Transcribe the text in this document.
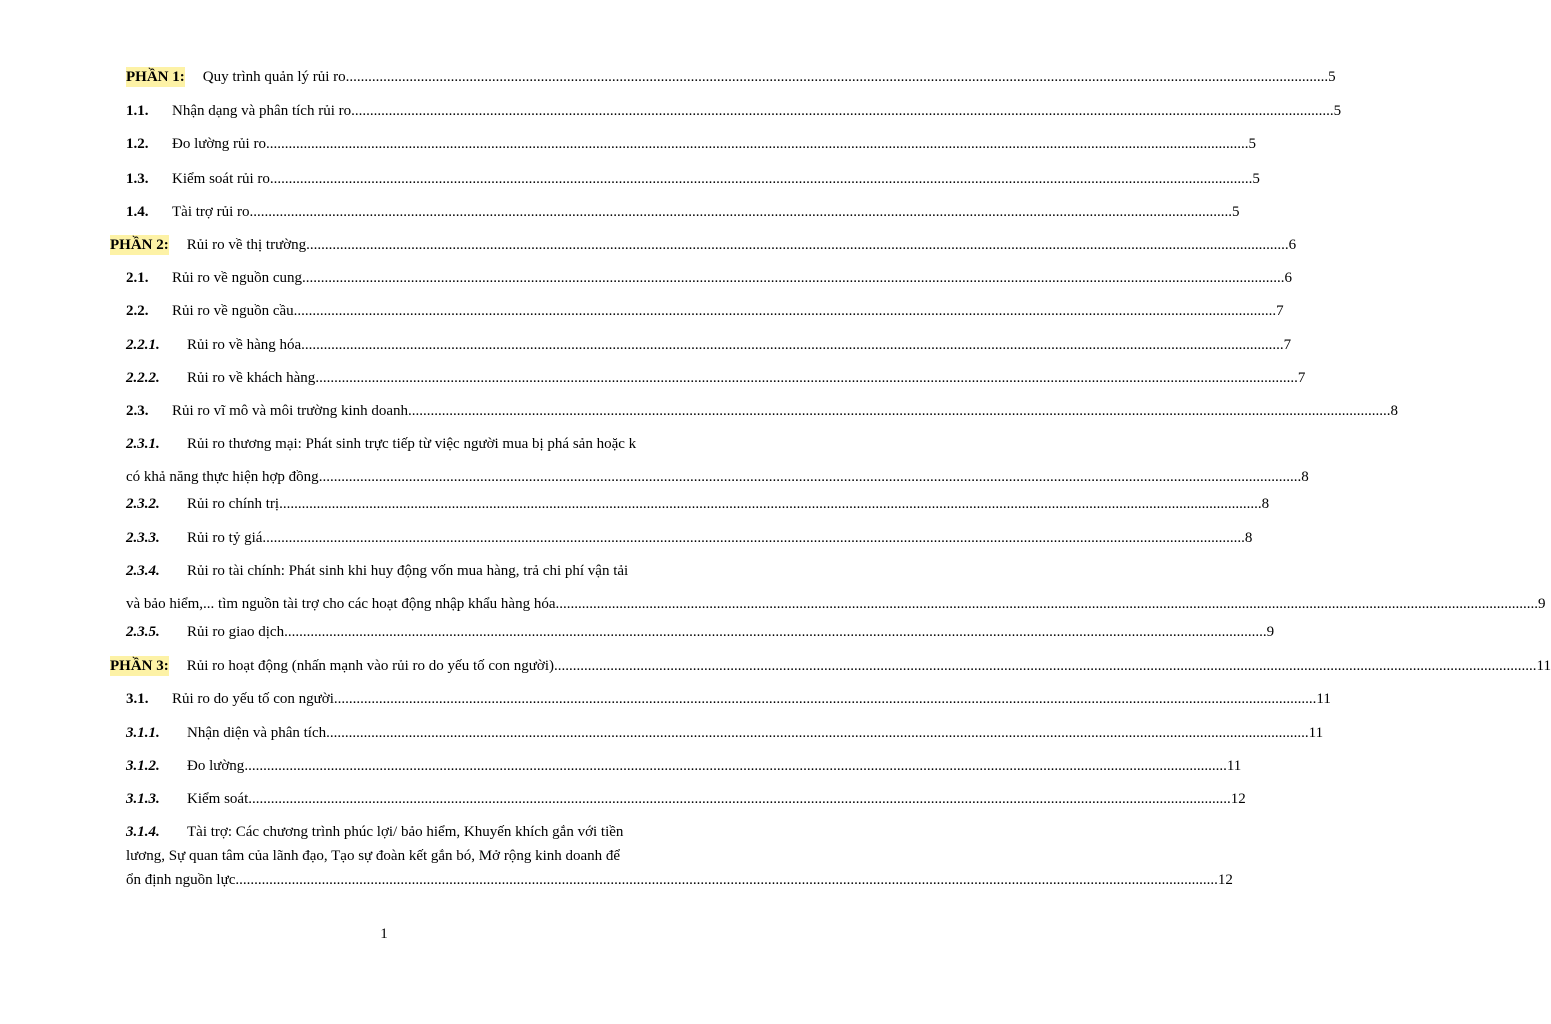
PHẦN 1: Quy trình quản lý rủi ro .....	5
1.1.	Nhận dạng và phân tích rủi ro .....	5
1.2.	Đo lường rủi ro .....	5
1.3.	Kiểm soát rủi ro .....	5
1.4.	Tài trợ rủi ro .....	5
PHẦN 2: Rủi ro về thị trường .....	6
2.1.	Rủi ro về nguồn cung .....	6
2.2.	Rủi ro về nguồn cầu .....	7
2.2.1.	Rủi ro về hàng hóa .....	7
2.2.2.	Rủi ro về khách hàng .....	7
2.3.	Rủi ro vĩ mô và môi trường kinh doanh .....	8
2.3.1.	Rủi ro thương mại: Phát sinh trực tiếp từ việc người mua bị phá sản hoặc k
có khả năng thực hiện hợp đồng .....	8
2.3.2.	Rủi ro chính trị .....	8
2.3.3.	Rủi ro tỷ giá .....	8
2.3.4.	Rủi ro tài chính: Phát sinh khi huy động vốn mua hàng, trả chi phí vận tải
và bảo hiểm,... tìm nguồn tài trợ cho các hoạt động nhập khẩu hàng hóa .....	9
2.3.5.	Rủi ro giao dịch .....	9
PHẦN 3: Rủi ro hoạt động (nhấn mạnh vào rủi ro do yếu tố con người) .....	11
3.1.	Rủi ro do yếu tố con người .....	11
3.1.1.	Nhận diện và phân tích .....	11
3.1.2.	Đo lường .....	11
3.1.3.	Kiểm soát .....	12
3.1.4.	Tài trợ: Các chương trình phúc lợi/ bảo hiểm, Khuyến khích gắn với tiền
lương, Sự quan tâm của lãnh đạo, Tạo sự đoàn kết gắn bó, Mở rộng kinh doanh để
ổn định nguồn lực .....	12
1
